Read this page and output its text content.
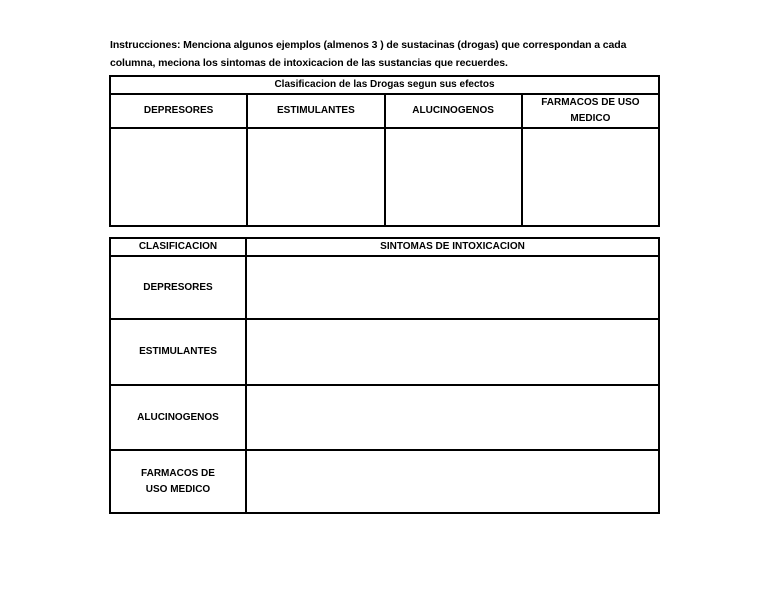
Instrucciones: Menciona algunos ejemplos (almenos 3 ) de sustacinas (drogas) que correspondan a cada
columna, meciona los sintomas de intoxicacion de las sustancias que recuerdes.
Clasificacion de las Drogas segun sus efectos			
DEPRESORES	ESTIMULANTES	ALUCINOGENOS	FARMACOS DE USO MEDICO

CLASIFICACION	SINTOMAS DE INTOXICACION
DEPRESORES	
ESTIMULANTES	
ALUCINOGENOS	
FARMACOS DE USO MEDICO	
